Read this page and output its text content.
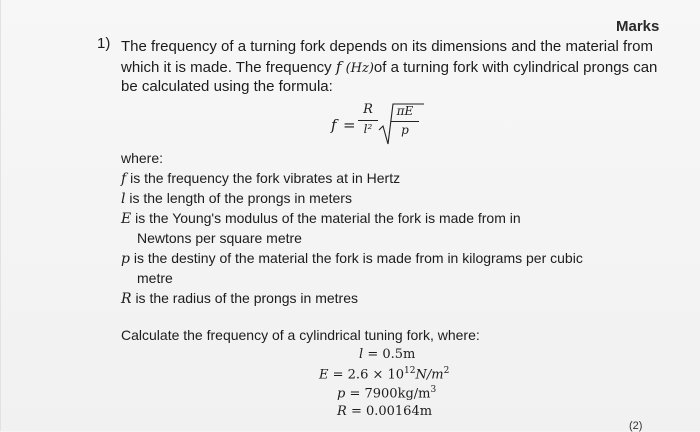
Marks
1) The frequency of a turning fork depends on its dimensions and the material from
which it is made. The frequency f (Hz)of a turning fork with cylindrical prongs can
be calculated using the formula:
f =
R
l²
πE
p
where:
f is the frequency the fork vibrates at in Hertz
l is the length of the prongs in meters
E is the Young's modulus of the material the fork is made from in
Newtons per square metre
p is the destiny of the material the fork is made from in kilograms per cubic
metre
R is the radius of the prongs in metres
Calculate the frequency of a cylindrical tuning fork, where:
l = 0.5m
$E = 2.6 \times 10^{12}N/m^2$
$p = 7900kg/m^3$
R = 0.00164m
(2)
